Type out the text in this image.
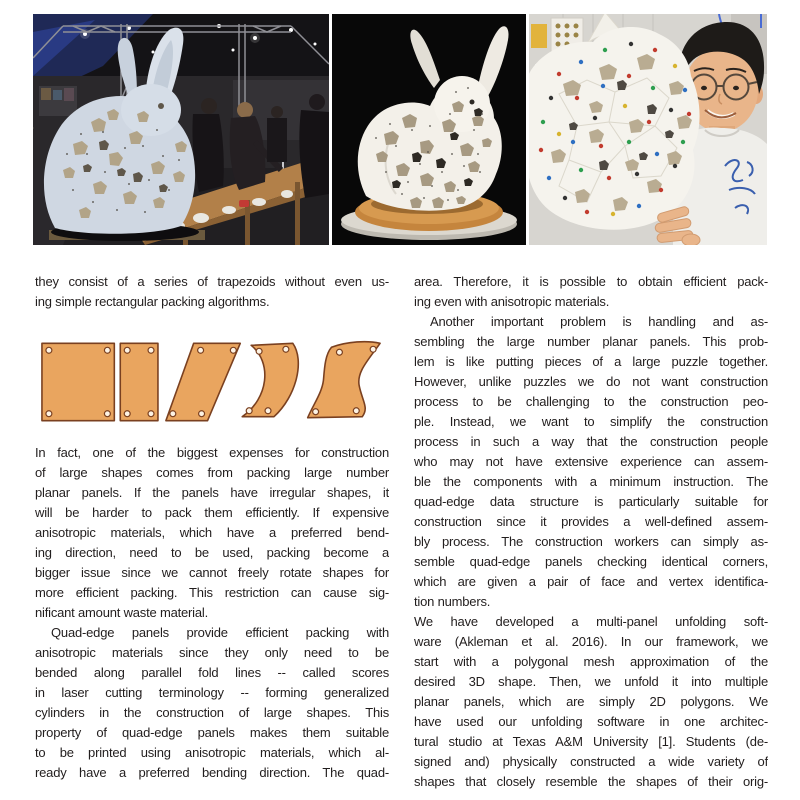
they consist of a series of trapezoids without even us-
ing simple rectangular packing algorithms.
In fact, one of the biggest expenses for construction
of large shapes comes from packing large number
planar panels. If the panels have irregular shapes, it
will be harder to pack them efficiently. If expensive
anisotropic materials, which have a preferred bend-
ing direction, need to be used, packing become a
bigger issue since we cannot freely rotate shapes for
more efficient packing. This restriction can cause sig-
nificant amount waste material.
Quad-edge panels provide efficient packing with
anisotropic materials since they only need to be
bended along parallel fold lines -- called scores
in laser cutting terminology -- forming generalized
cylinders in the construction of large shapes. This
property of quad-edge panels makes them suitable
to be printed using anisotropic materials, which al-
ready have a preferred bending direction. The quad-
area. Therefore, it is possible to obtain efficient pack-
ing even with anisotropic materials.
Another important problem is handling and as-
sembling the large number planar panels. This prob-
lem is like putting pieces of a large puzzle together.
However, unlike puzzles we do not want construction
process to be challenging to the construction peo-
ple. Instead, we want to simplify the construction
process in such a way that the construction people
who may not have extensive experience can assem-
ble the components with a minimum instruction. The
quad-edge data structure is particularly suitable for
construction since it provides a well-defined assem-
bly process. The construction workers can simply as-
semble quad-edge panels checking identical corners,
which are given a pair of face and vertex identifica-
tion numbers.
We have developed a multi-panel unfolding soft-
ware (Akleman et al. 2016). In our framework, we
start with a polygonal mesh approximation of the
desired 3D shape. Then, we unfold it into multiple
planar panels, which are simply 2D polygons. We
have used our unfolding software in one architec-
tural studio at Texas A&M University [1]. Students (de-
signed and) physically constructed a wide variety of
shapes that closely resemble the shapes of their orig-
